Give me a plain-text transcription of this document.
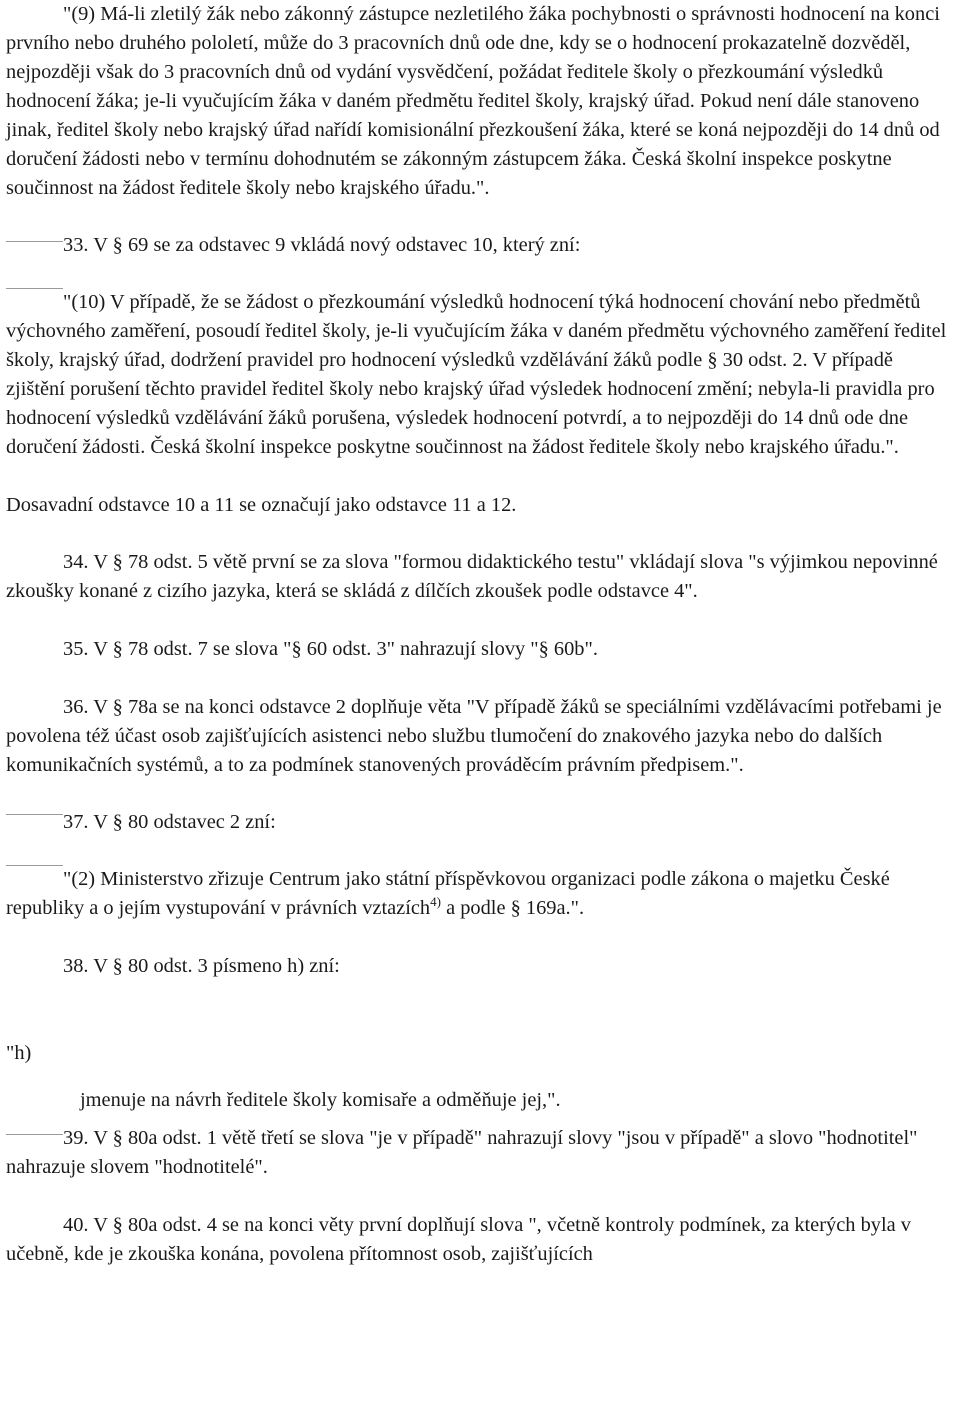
"(9) Má-li zletilý žák nebo zákonný zástupce nezletilého žáka pochybnosti o správnosti hodnocení na konci prvního nebo druhého pololetí, může do 3 pracovních dnů ode dne, kdy se o hodnocení prokazatelně dozvěděl, nejpozději však do 3 pracovních dnů od vydání vysvědčení, požádat ředitele školy o přezkoumání výsledků hodnocení žáka; je-li vyučujícím žáka v daném předmětu ředitel školy, krajský úřad. Pokud není dále stanoveno jinak, ředitel školy nebo krajský úřad nařídí komisionální přezkoušení žáka, které se koná nejpozději do 14 dnů od doručení žádosti nebo v termínu dohodnutém se zákonným zástupcem žáka. Česká školní inspekce poskytne součinnost na žádost ředitele školy nebo krajského úřadu.".

33. V § 69 se za odstavec 9 vkládá nový odstavec 10, který zní:

"(10) V případě, že se žádost o přezkoumání výsledků hodnocení týká hodnocení chování nebo předmětů výchovného zaměření, posoudí ředitel školy, je-li vyučujícím žáka v daném předmětu výchovného zaměření ředitel školy, krajský úřad, dodržení pravidel pro hodnocení výsledků vzdělávání žáků podle § 30 odst. 2. V případě zjištění porušení těchto pravidel ředitel školy nebo krajský úřad výsledek hodnocení změní; nebyla-li pravidla pro hodnocení výsledků vzdělávání žáků porušena, výsledek hodnocení potvrdí, a to nejpozději do 14 dnů ode dne doručení žádosti. Česká školní inspekce poskytne součinnost na žádost ředitele školy nebo krajského úřadu.".

Dosavadní odstavce 10 a 11 se označují jako odstavce 11 a 12.

34. V § 78 odst. 5 větě první se za slova "formou didaktického testu" vkládají slova "s výjimkou nepovinné zkoušky konané z cizího jazyka, která se skládá z dílčích zkoušek podle odstavce 4".

35. V § 78 odst. 7 se slova "§ 60 odst. 3" nahrazují slovy "§ 60b".

36. V § 78a se na konci odstavce 2 doplňuje věta "V případě žáků se speciálními vzdělávacími potřebami je povolena též účast osob zajišťujících asistenci nebo službu tlumočení do znakového jazyka nebo do dalších komunikačních systémů, a to za podmínek stanovených prováděcím právním předpisem.".

37. V § 80 odstavec 2 zní:

"(2) Ministerstvo zřizuje Centrum jako státní příspěvkovou organizaci podle zákona o majetku České republiky a o jejím vystupování v právních vztazích$^{4)}$ a podle § 169a.".

38. V § 80 odst. 3 písmeno h) zní:

"h)

jmenuje na návrh ředitele školy komisaře a odměňuje jej,".

39. V § 80a odst. 1 větě třetí se slova "je v případě" nahrazují slovy "jsou v případě" a slovo "hodnotitel" nahrazuje slovem "hodnotitelé".

40. V § 80a odst. 4 se na konci věty první doplňují slova ", včetně kontroly podmínek, za kterých byla v učebně, kde je zkouška konána, povolena přítomnost osob, zajišťujících
